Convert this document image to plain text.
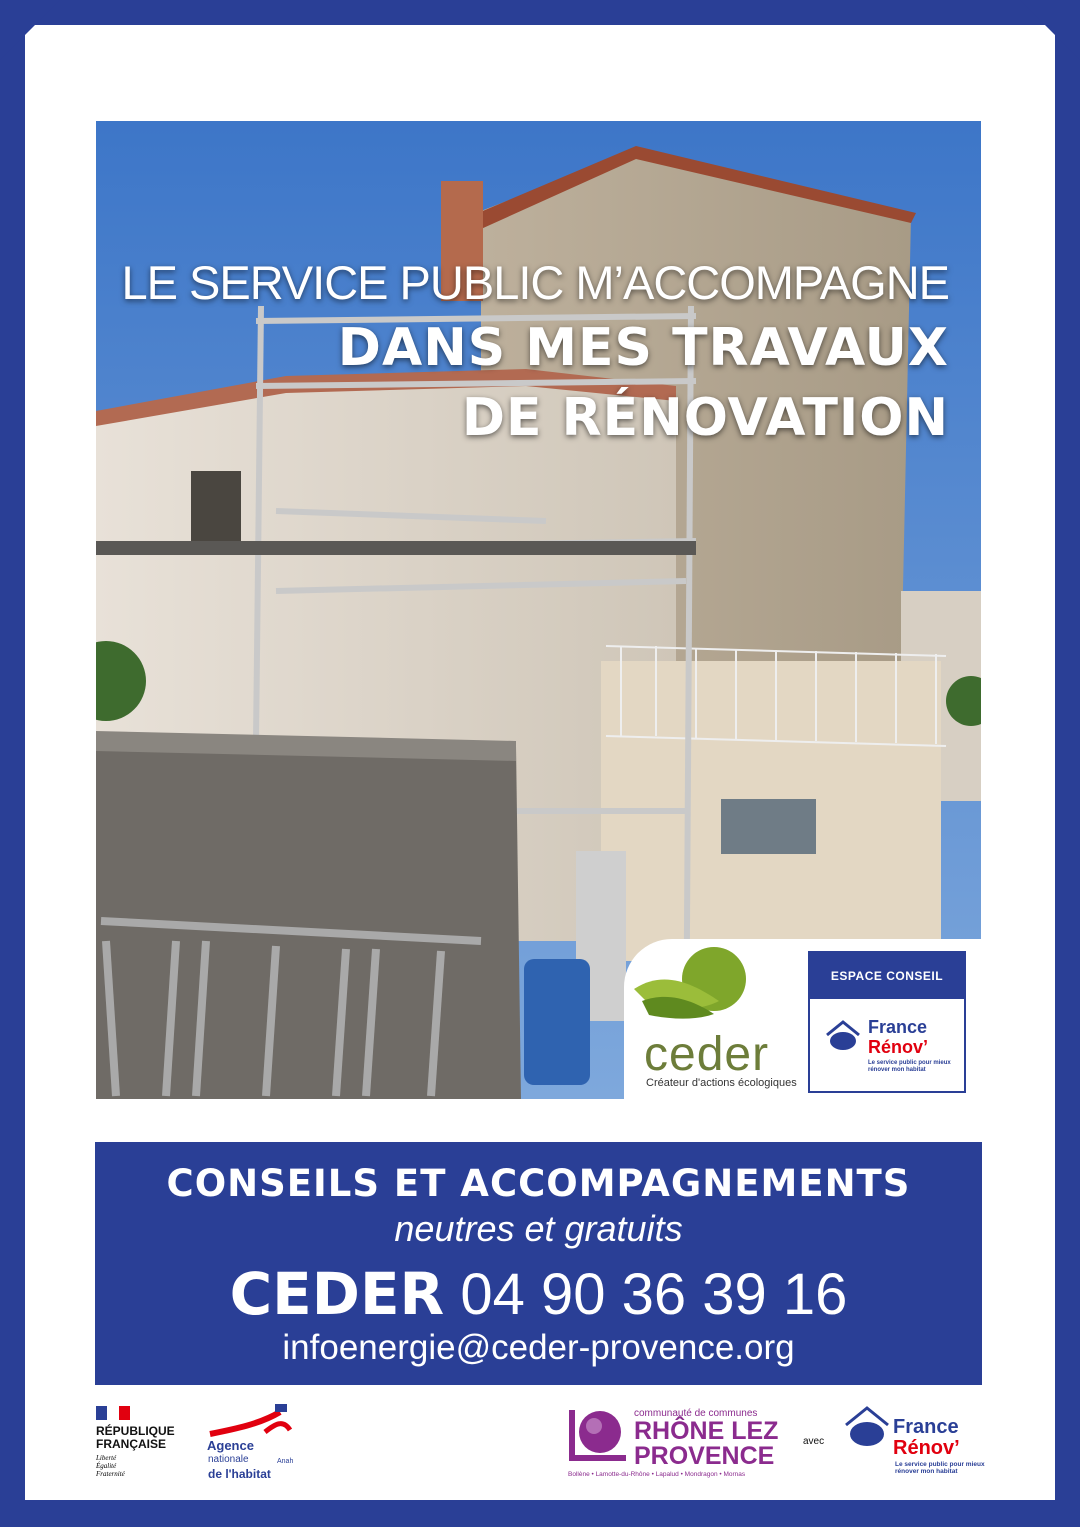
LE SERVICE PUBLIC M’ACCOMPAGNE
DANS MES TRAVAUX
DE RÉNOVATION
ceder
Créateur d'actions écologiques
ESPACE CONSEIL
France
Rénov’
Le service public pour mieux
rénover mon habitat
CONSEILS ET ACCOMPAGNEMENTS
neutres et gratuits
CEDER 04 90 36 39 16
infoenergie@ceder-provence.org
RÉPUBLIQUE
FRANÇAISE
Liberté
Égalité
Fraternité
Agence
nationale
de l'habitat
Anah
communauté de communes
RHÔNE LEZ
PROVENCE
Bollène • Lamotte-du-Rhône • Lapalud • Mondragon • Mornas
avec
France
Rénov’
Le service public pour mieux
rénover mon habitat
